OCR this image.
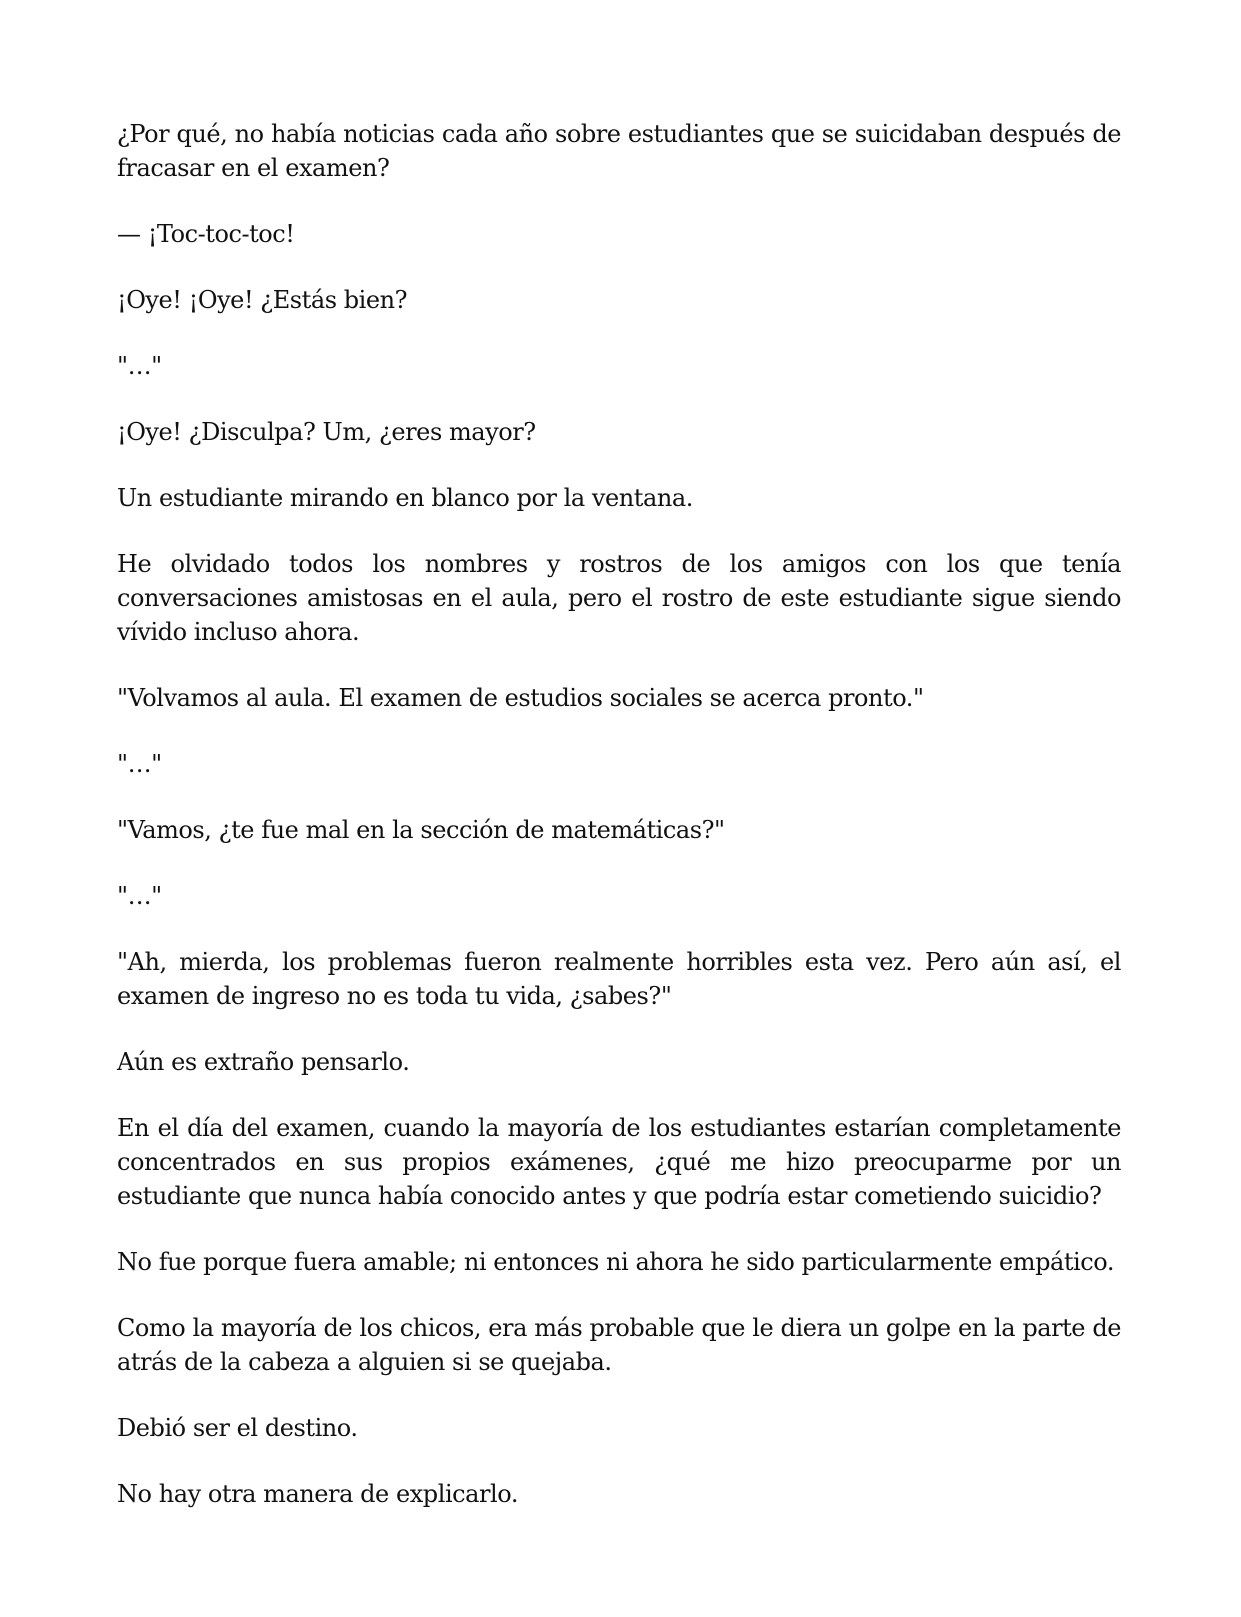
¿Por qué, no había noticias cada año sobre estudiantes que se suicidaban después de fracasar en el examen?

— ¡Toc-toc-toc!

¡Oye! ¡Oye! ¿Estás bien?

"…"

¡Oye! ¿Disculpa? Um, ¿eres mayor?

Un estudiante mirando en blanco por la ventana.

He olvidado todos los nombres y rostros de los amigos con los que tenía conversaciones amistosas en el aula, pero el rostro de este estudiante sigue siendo vívido incluso ahora.

"Volvamos al aula. El examen de estudios sociales se acerca pronto."

"…"

"Vamos, ¿te fue mal en la sección de matemáticas?"

"…"

"Ah, mierda, los problemas fueron realmente horribles esta vez. Pero aún así, el examen de ingreso no es toda tu vida, ¿sabes?"

Aún es extraño pensarlo.

En el día del examen, cuando la mayoría de los estudiantes estarían completamente concentrados en sus propios exámenes, ¿qué me hizo preocuparme por un estudiante que nunca había conocido antes y que podría estar cometiendo suicidio?

No fue porque fuera amable; ni entonces ni ahora he sido particularmente empático.

Como la mayoría de los chicos, era más probable que le diera un golpe en la parte de atrás de la cabeza a alguien si se quejaba.

Debió ser el destino.

No hay otra manera de explicarlo.
